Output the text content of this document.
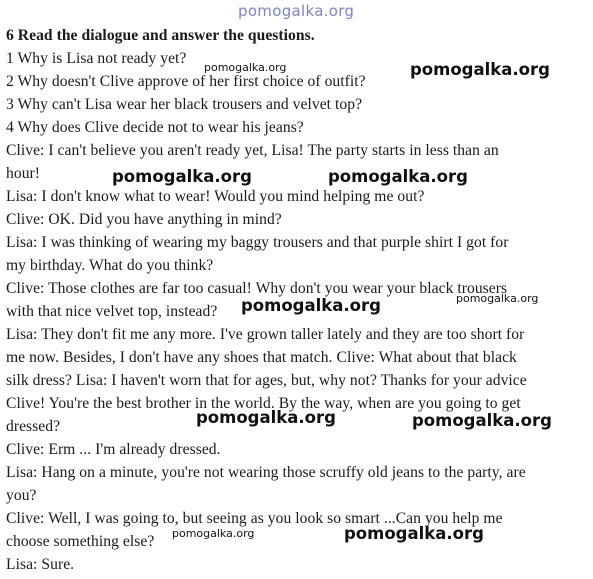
pomogalka.org
6 Read the dialogue and answer the questions.
1 Why is Lisa not ready yet?
2 Why doesn't Clive approve of her first choice of outfit?
3 Why can't Lisa wear her black trousers and velvet top?
4 Why does Clive decide not to wear his jeans?
Clive: I can't believe you aren't ready yet, Lisa! The party starts in less than an
hour!
Lisa: I don't know what to wear! Would you mind helping me out?
Clive: OK. Did you have anything in mind?
Lisa: I was thinking of wearing my baggy trousers and that purple shirt I got for
my birthday. What do you think?
Clive: Those clothes are far too casual! Why don't you wear your black trousers
with that nice velvet top, instead?
Lisa: They don't fit me any more. I've grown taller lately and they are too short for
me now. Besides, I don't have any shoes that match. Clive: What about that black
silk dress? Lisa: I haven't worn that for ages, but, why not? Thanks for your advice
Clive! You're the best brother in the world. By the way, when are you going to get
dressed?
Clive: Erm ... I'm already dressed.
Lisa: Hang on a minute, you're not wearing those scruffy old jeans to the party, are
you?
Clive: Well, I was going to, but seeing as you look so smart ...Can you help me
choose something else?
Lisa: Sure.
pomogalka.org	pomogalka.org
pomogalka.org	pomogalka.org
pomogalka.org	pomogalka.org
pomogalka.org	pomogalka.org
pomogalka.org	pomogalka.org
